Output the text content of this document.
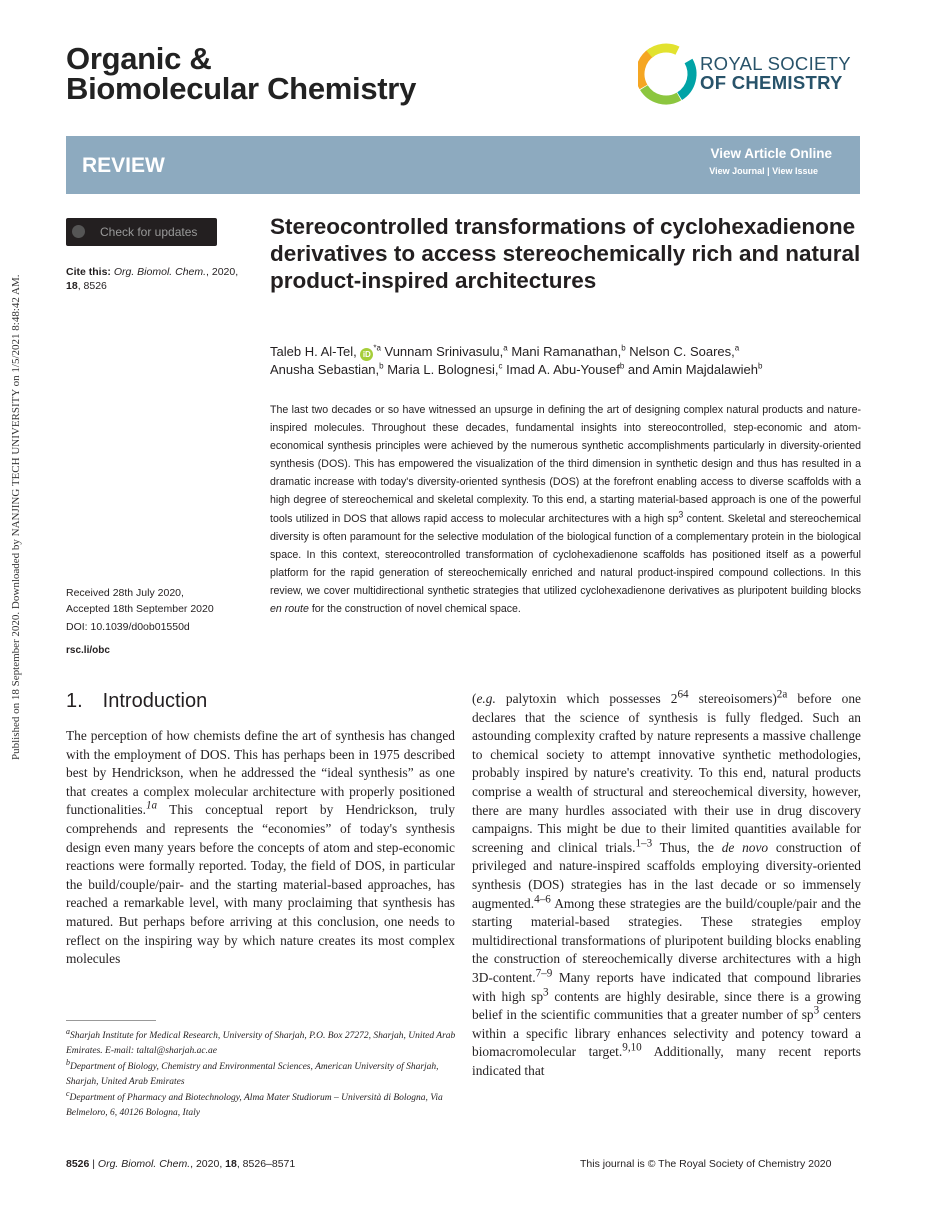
Published on 18 September 2020. Downloaded by NANJING TECH UNIVERSITY on 1/5/2021 8:48:42 AM.
Organic &
Biomolecular Chemistry
ROYAL SOCIETY
OF CHEMISTRY
REVIEW
View Article Online
View Journal | View Issue
Check for updates
Cite this: Org. Biomol. Chem., 2020,
18, 8526
Stereocontrolled transformations of cyclohexadienone derivatives to access stereochemically rich and natural product-inspired architectures
Taleb H. Al-Tel, $iD^{*a}$ Vunnam Srinivasulu,$^a$ Mani Ramanathan,$^b$ Nelson C. Soares,$^a$
Anusha Sebastian,$^b$ Maria L. Bolognesi,$^c$ Imad A. Abu-Yousef$^b$ and Amin Majdalawieh$^b$
The last two decades or so have witnessed an upsurge in defining the art of designing complex natural products and nature-inspired molecules. Throughout these decades, fundamental insights into stereocontrolled, step-economic and atom-economical synthesis principles were achieved by the numerous synthetic accomplishments particularly in diversity-oriented synthesis (DOS). This has empowered the visualization of the third dimension in synthetic design and thus has resulted in a dramatic increase with today's diversity-oriented synthesis (DOS) at the forefront enabling access to diverse scaffolds with a high degree of stereochemical and skeletal complexity. To this end, a starting material-based approach is one of the powerful tools utilized in DOS that allows rapid access to molecular architectures with a high $sp^3$ content. Skeletal and stereochemical diversity is often paramount for the selective modulation of the biological function of a complementary protein in the biological space. In this context, stereocontrolled transformation of cyclohexadienone scaffolds has positioned itself as a powerful platform for the rapid generation of stereochemically enriched and natural product-inspired compound collections. In this review, we cover multidirectional synthetic strategies that utilized cyclohexadienone derivatives as pluripotent building blocks en route for the construction of novel chemical space.
Received 28th July 2020,
Accepted 18th September 2020
DOI: 10.1039/d0ob01550d
rsc.li/obc
1. Introduction
The perception of how chemists define the art of synthesis has changed with the employment of DOS. This has perhaps been in 1975 described best by Hendrickson, when he addressed the “ideal synthesis” as one that creates a complex molecular architecture with properly positioned functionalities.$^{1a}$ This conceptual report by Hendrickson, truly comprehends and represents the “economies” of today's synthesis design even many years before the concepts of atom and step-economic reactions were formally reported. Today, the field of DOS, in particular the build/couple/pair- and the starting material-based approaches, has reached a remarkable level, with many proclaiming that synthesis has matured. But perhaps before arriving at this conclusion, one needs to reflect on the inspiring way by which nature creates its most complex molecules
(e.g. palytoxin which possesses $2^{64}$ stereoisomers)$^{2a}$ before one declares that the science of synthesis is fully fledged. Such an astounding complexity crafted by nature represents a massive challenge to chemical society to attempt innovative synthetic methodologies, probably inspired by nature's creativity. To this end, natural products comprise a wealth of structural and stereochemical diversity, however, there are many hurdles associated with their use in drug discovery campaigns. This might be due to their limited quantities available for screening and clinical trials.$^{1-3}$ Thus, the de novo construction of privileged and nature-inspired scaffolds employing diversity-oriented synthesis (DOS) strategies has in the last decade or so immensely augmented.$^{4-6}$ Among these strategies are the build/couple/pair and the starting material-based strategies. These strategies employ multidirectional transformations of pluripotent building blocks enabling the construction of stereochemically diverse architectures with a high 3D-content.$^{7-9}$ Many reports have indicated that compound libraries with high $sp^3$ contents are highly desirable, since there is a growing belief in the scientific communities that a greater number of $sp^3$ centers within a specific library enhances selectivity and potency toward a biomacromolecular target.$^{9,10}$ Additionally, many recent reports indicated that
$^a$Sharjah Institute for Medical Research, University of Sharjah, P.O. Box 27272, Sharjah, United Arab Emirates. E-mail: taltal@sharjah.ac.ae
$^b$Department of Biology, Chemistry and Environmental Sciences, American University of Sharjah, Sharjah, United Arab Emirates
$^c$Department of Pharmacy and Biotechnology, Alma Mater Studiorum – Università di Bologna, Via Belmeloro, 6, 40126 Bologna, Italy
8526 | Org. Biomol. Chem., 2020, 18, 8526–8571	This journal is © The Royal Society of Chemistry 2020
